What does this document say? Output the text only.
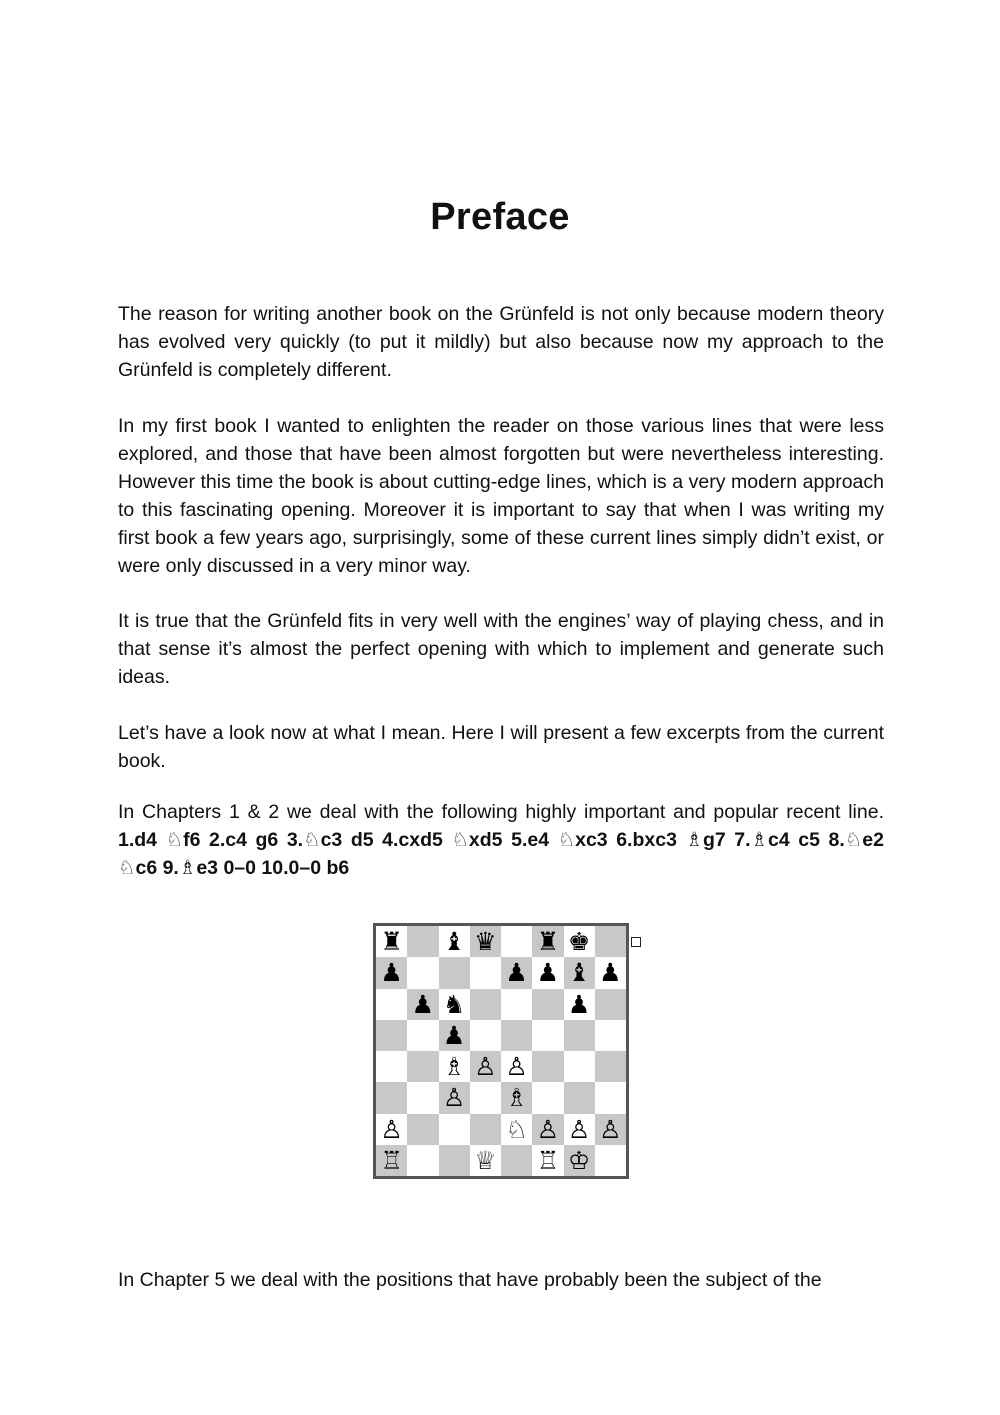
Preface

The reason for writing another book on the Grünfeld is not only because modern theory has evolved very quickly (to put it mildly) but also because now my approach to the Grünfeld is completely different.

In my first book I wanted to enlighten the reader on those various lines that were less explored, and those that have been almost forgotten but were nevertheless interesting. However this time the book is about cutting-edge lines, which is a very modern approach to this fascinating opening. Moreover it is important to say that when I was writing my first book a few years ago, surprisingly, some of these current lines simply didn’t exist, or were only discussed in a very minor way.

It is true that the Grünfeld fits in very well with the engines’ way of playing chess, and in that sense it’s almost the perfect opening with which to implement and generate such ideas.

Let’s have a look now at what I mean. Here I will present a few excerpts from the current book.

In Chapters 1 & 2 we deal with the following highly important and popular recent line. 1.d4 ♘f6 2.c4 g6 3.♘c3 d5 4.cxd5 ♘xd5 5.e4 ♘xc3 6.bxc3 ♗g7 7.♗c4 c5 8.♘e2 ♘c6 9.♗e3 0–0 10.0–0 b6

♜ ♝ ♛ ♜ ♚
♟	♟ ♟ ♝ ♟
♟ ♞	♟
♟
♗ ♙ ♙
♙ ♗
♙	♘ ♙ ♙ ♙
♖	♕ ♖ ♔

In Chapter 5 we deal with the positions that have probably been the subject of the
